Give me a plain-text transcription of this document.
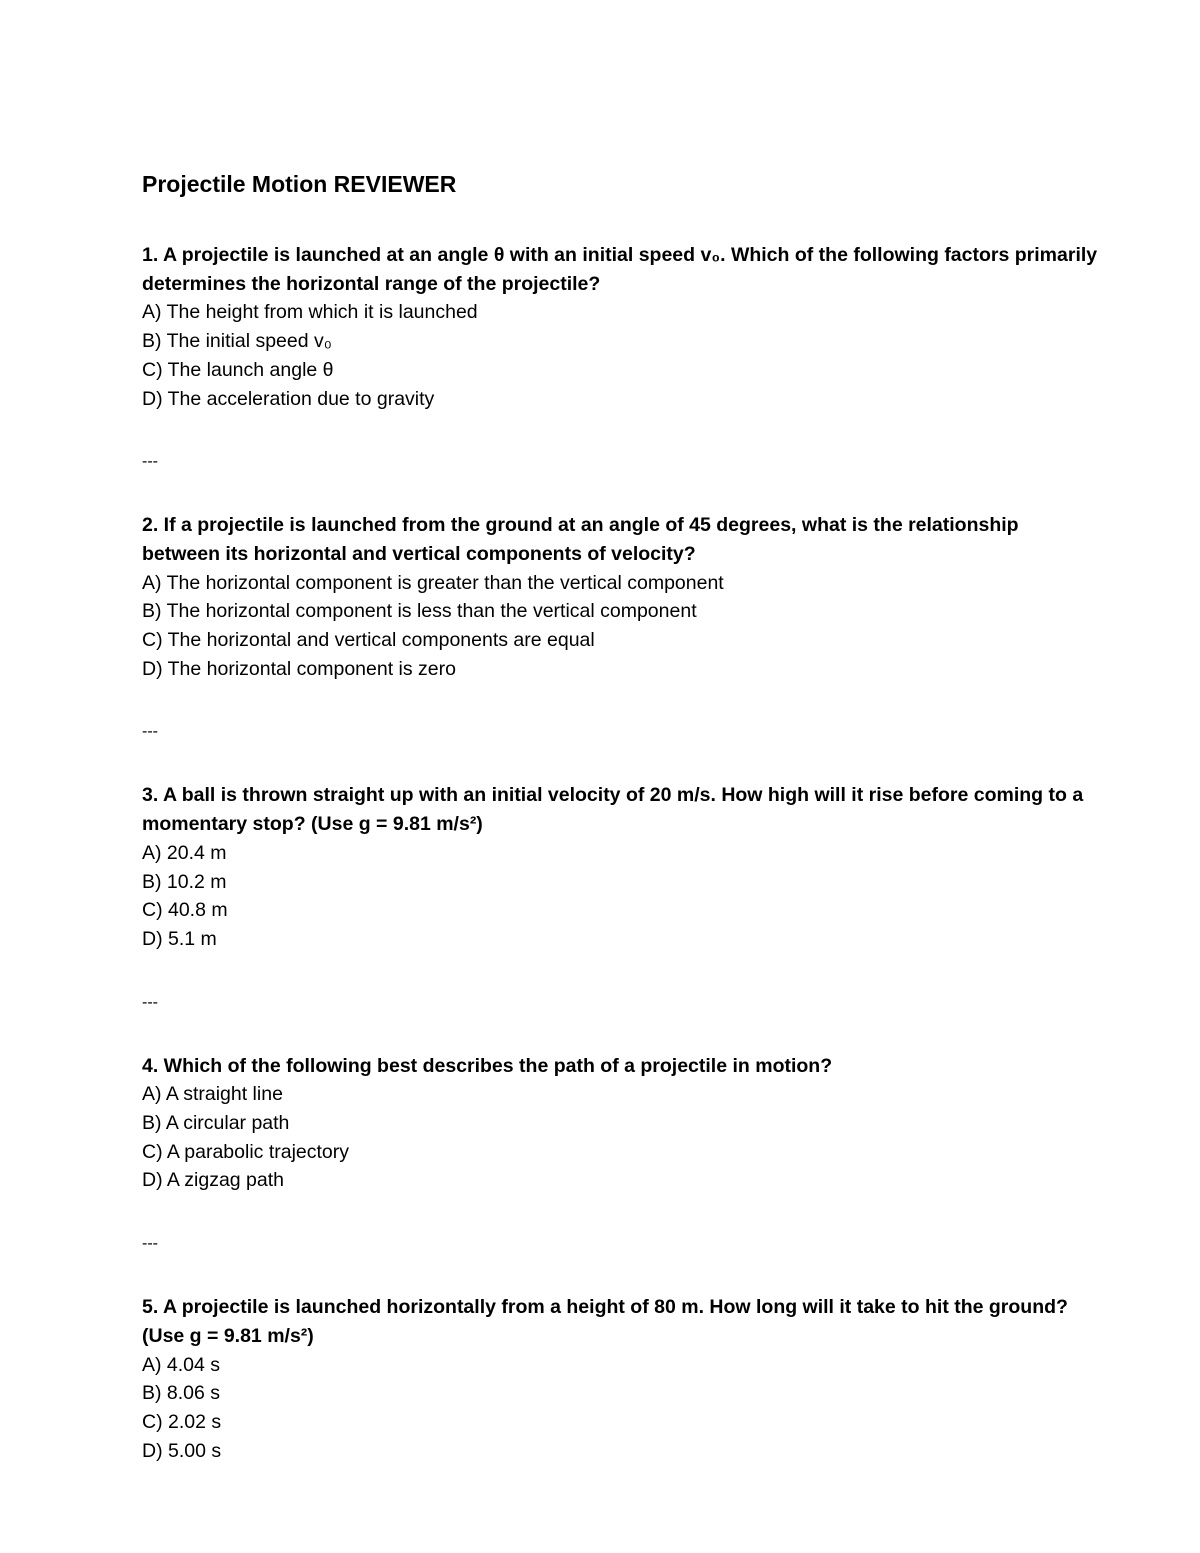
Projectile Motion REVIEWER

1. A projectile is launched at an angle θ with an initial speed v₀. Which of the following factors primarily determines the horizontal range of the projectile?

A) The height from which it is launched
B) The initial speed v₀
C) The launch angle θ
D) The acceleration due to gravity
---

2. If a projectile is launched from the ground at an angle of 45 degrees, what is the relationship between its horizontal and vertical components of velocity?

A) The horizontal component is greater than the vertical component
B) The horizontal component is less than the vertical component
C) The horizontal and vertical components are equal
D) The horizontal component is zero
---

3. A ball is thrown straight up with an initial velocity of 20 m/s. How high will it rise before coming to a momentary stop? (Use g = 9.81 m/s²)

A) 20.4 m
B) 10.2 m
C) 40.8 m
D) 5.1 m
---

4. Which of the following best describes the path of a projectile in motion?

A) A straight line
B) A circular path
C) A parabolic trajectory
D) A zigzag path
---

5. A projectile is launched horizontally from a height of 80 m. How long will it take to hit the ground? (Use g = 9.81 m/s²)

A) 4.04 s
B) 8.06 s
C) 2.02 s
D) 5.00 s
